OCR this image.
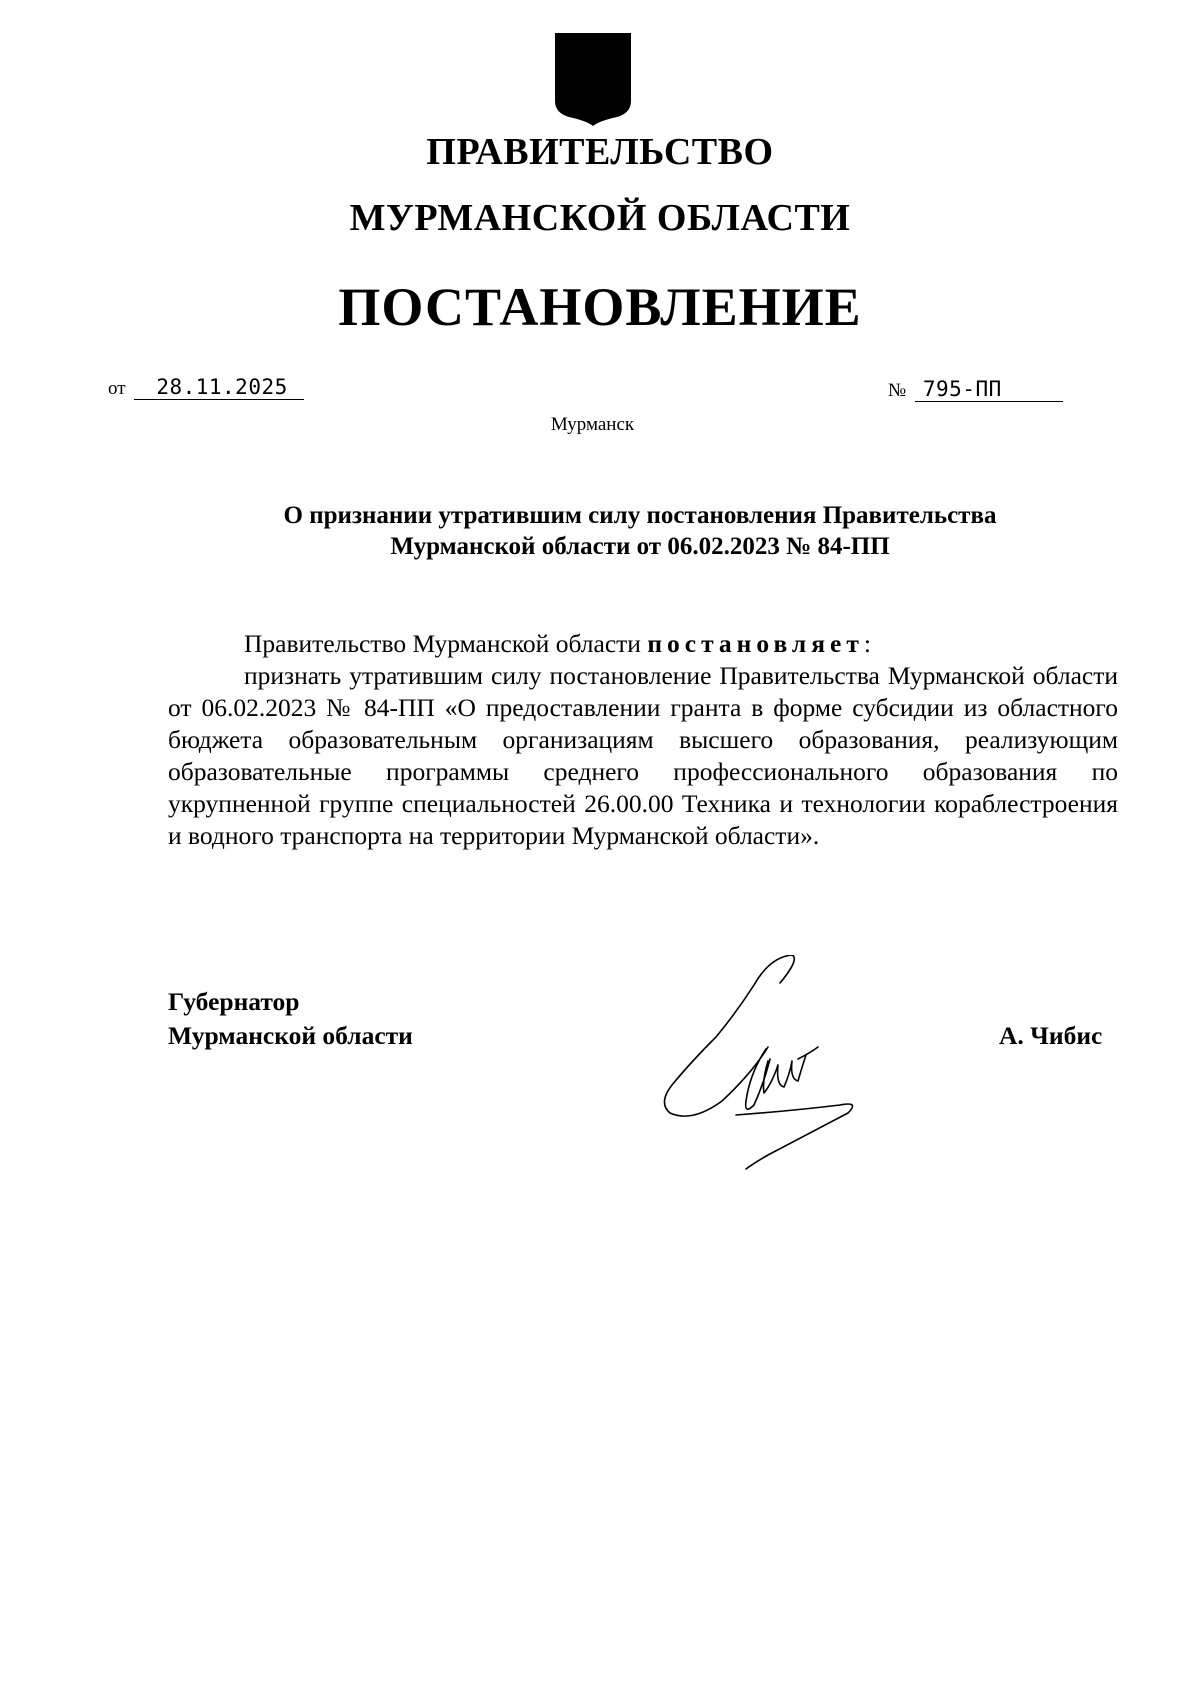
ПРАВИТЕЛЬСТВО
МУРМАНСКОЙ ОБЛАСТИ
ПОСТАНОВЛЕНИЕ
от 28.11.2025	№ 795-ПП
Мурманск
О признании утратившим силу постановления Правительства
Мурманской области от 06.02.2023 № 84-ПП

Правительство Мурманской области постановляет:

признать утратившим силу постановление Правительства Мурманской области от 06.02.2023 № 84-ПП «О предоставлении гранта в форме субсидии из областного бюджета образовательным организациям высшего образования, реализующим образовательные программы среднего профессионального образования по укрупненной группе специальностей 26.00.00 Техника и технологии кораблестроения и водного транспорта на территории Мурманской области».

Губернатор
Мурманской области	А. Чибис
